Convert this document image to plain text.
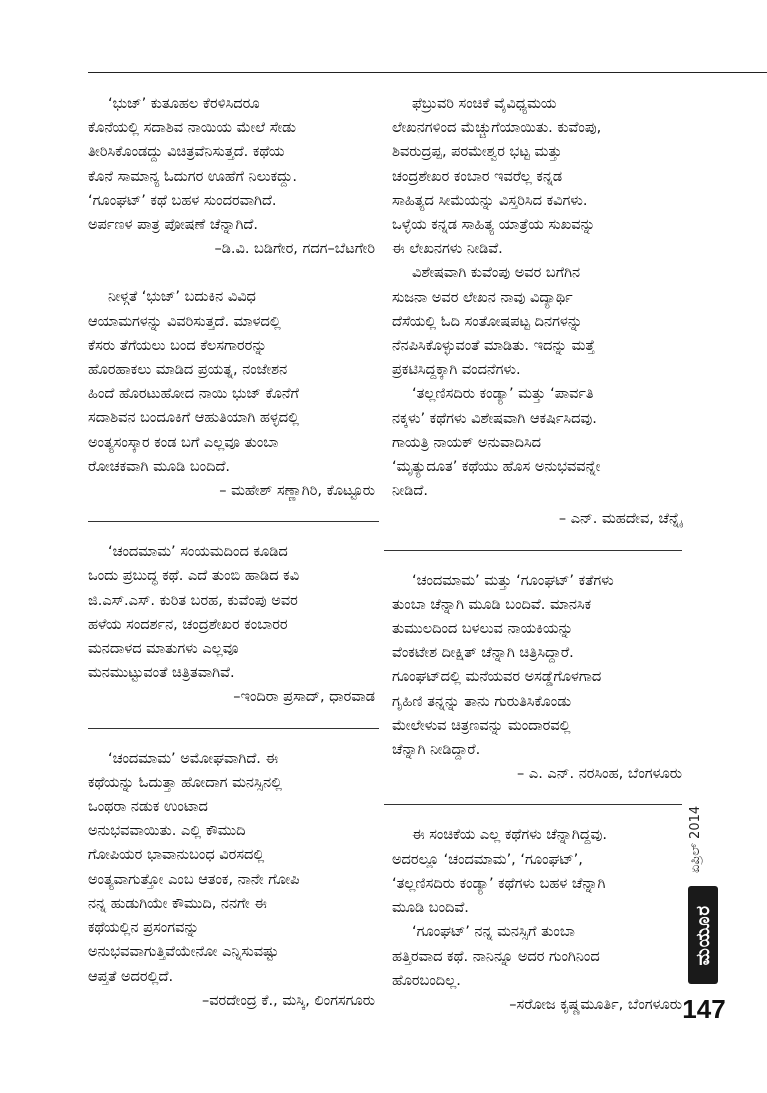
‘ಭುಜ್’ ಕುತೂಹಲ ಕೆರಳಿಸಿದರೂ
ಕೊನೆಯಲ್ಲಿ ಸದಾಶಿವ ನಾಯಿಯ ಮೇಲೆ ಸೇಡು
ತೀರಿಸಿಕೊಂಡದ್ದು ವಿಚಿತ್ರವೆನಿಸುತ್ತದೆ. ಕಥೆಯ
ಕೊನೆ ಸಾಮಾನ್ಯ ಓದುಗರ ಊಹೆಗೆ ನಿಲುಕದ್ದು.
‘ಗೂಂಘಟ್’ ಕಥೆ ಬಹಳ ಸುಂದರವಾಗಿದೆ.
ಅರ್ಪಣಳ ಪಾತ್ರ ಪೋಷಣೆ ಚೆನ್ನಾಗಿದೆ.
–ಡಿ.ವಿ. ಬಡಿಗೇರ, ಗದಗ–ಬೆಟಗೇರಿ
ನೀಳ್ಗತೆ ‘ಭುಜ್’ ಬದುಕಿನ ವಿವಿಧ
ಆಯಾಮಗಳನ್ನು ವಿವರಿಸುತ್ತದೆ. ಮಾಳದಲ್ಲಿ
ಕೆಸರು ತೆಗೆಯಲು ಬಂದ ಕೆಲಸಗಾರರನ್ನು
ಹೊರಹಾಕಲು ಮಾಡಿದ ಪ್ರಯತ್ನ, ನಂಜೇಶನ
ಹಿಂದೆ ಹೊರಟುಹೋದ ನಾಯಿ ಭುಜ್ ಕೊನೆಗೆ
ಸದಾಶಿವನ ಬಂದೂಕಿಗೆ ಆಹುತಿಯಾಗಿ ಹಳ್ಳದಲ್ಲಿ
ಅಂತ್ಯಸಂಸ್ಕಾರ ಕಂಡ ಬಗೆ ಎಲ್ಲವೂ ತುಂಬಾ
ರೋಚಕವಾಗಿ ಮೂಡಿ ಬಂದಿದೆ.
– ಮಹೇಶ್ ಸಣ್ಣಾಗಿರಿ, ಕೊಟ್ಟೂರು
‘ಚಂದಮಾಮ’ ಸಂಯಮದಿಂದ ಕೂಡಿದ
ಒಂದು ಪ್ರಬುದ್ಧ ಕಥೆ. ಎದೆ ತುಂಬಿ ಹಾಡಿದ ಕವಿ
ಜಿ.ಎಸ್.ಎಸ್. ಕುರಿತ ಬರಹ, ಕುವೆಂಪು ಅವರ
ಹಳೆಯ ಸಂದರ್ಶನ, ಚಂದ್ರಶೇಖರ ಕಂಬಾರರ
ಮನದಾಳದ ಮಾತುಗಳು ಎಲ್ಲವೂ
ಮನಮುಟ್ಟುವಂತೆ ಚಿತ್ರಿತವಾಗಿವೆ.
–ಇಂದಿರಾ ಪ್ರಸಾದ್, ಧಾರವಾಡ
‘ಚಂದಮಾಮ’ ಅಮೋಘವಾಗಿದೆ. ಈ
ಕಥೆಯನ್ನು ಓದುತ್ತಾ ಹೋದಾಗ ಮನಸ್ಸಿನಲ್ಲಿ
ಒಂಥರಾ ನಡುಕ ಉಂಟಾದ
ಅನುಭವವಾಯಿತು. ಎಲ್ಲಿ ಕೌಮುದಿ
ಗೋಪಿಯರ ಭಾವಾನುಬಂಧ ವಿರಸದಲ್ಲಿ
ಅಂತ್ಯವಾಗುತ್ತೋ ಎಂಬ ಆತಂಕ, ನಾನೇ ಗೋಪಿ
ನನ್ನ ಹುಡುಗಿಯೇ ಕೌಮುದಿ, ನನಗೇ ಈ
ಕಥೆಯಲ್ಲಿನ ಪ್ರಸಂಗವನ್ನು
ಅನುಭವವಾಗುತ್ತಿವೆಯೇನೋ ಎನ್ನಿಸುವಷ್ಟು
ಆಪ್ತತೆ ಅದರಲ್ಲಿದೆ.
–ವರದೇಂದ್ರ ಕೆ., ಮಸ್ಕಿ, ಲಿಂಗಸಗೂರು
ಫೆಬ್ರುವರಿ ಸಂಚಿಕೆ ವೈವಿಧ್ಯಮಯ
ಲೇಖನಗಳಿಂದ ಮೆಚ್ಚುಗೆಯಾಯಿತು. ಕುವೆಂಪು,
ಶಿವರುದ್ರಪ್ಪ, ಪರಮೇಶ್ವರ ಭಟ್ಟ ಮತ್ತು
ಚಂದ್ರಶೇಖರ ಕಂಬಾರ ಇವರೆಲ್ಲ ಕನ್ನಡ
ಸಾಹಿತ್ಯದ ಸೀಮೆಯನ್ನು ವಿಸ್ತರಿಸಿದ ಕವಿಗಳು.
ಒಳ್ಳೆಯ ಕನ್ನಡ ಸಾಹಿತ್ಯ ಯಾತ್ರೆಯ ಸುಖವನ್ನು
ಈ ಲೇಖನಗಳು ನೀಡಿವೆ.
ವಿಶೇಷವಾಗಿ ಕುವೆಂಪು ಅವರ ಬಗೆಗಿನ
ಸುಜನಾ ಅವರ ಲೇಖನ ನಾವು ವಿದ್ಯಾರ್ಥಿ
ದೆಸೆಯಲ್ಲಿ ಓದಿ ಸಂತೋಷಪಟ್ಟ ದಿನಗಳನ್ನು
ನೆನಪಿಸಿಕೊಳ್ಳುವಂತೆ ಮಾಡಿತು. ಇದನ್ನು ಮತ್ತೆ
ಪ್ರಕಟಿಸಿದ್ದಕ್ಕಾಗಿ ವಂದನೆಗಳು.
‘ತಲ್ಲಣಿಸದಿರು ಕಂಡ್ಯಾ’ ಮತ್ತು ‘ಪಾರ್ವತಿ
ನಕ್ಕಳು’ ಕಥೆಗಳು ವಿಶೇಷವಾಗಿ ಆಕರ್ಷಿಸಿದವು.
ಗಾಯತ್ರಿ ನಾಯಕ್ ಅನುವಾದಿಸಿದ
‘ಮೃತ್ಯುದೂತ’ ಕಥೆಯು ಹೊಸ ಅನುಭವವನ್ನೇ
ನೀಡಿದೆ.
– ಎನ್. ಮಹದೇವ, ಚೆನ್ನೈ
‘ಚಂದಮಾಮ’ ಮತ್ತು ‘ಗೂಂಘಟ್’ ಕತೆಗಳು
ತುಂಬಾ ಚೆನ್ನಾಗಿ ಮೂಡಿ ಬಂದಿವೆ. ಮಾನಸಿಕ
ತುಮುಲದಿಂದ ಬಳಲುವ ನಾಯಕಿಯನ್ನು
ವೆಂಕಟೇಶ ದೀಕ್ಷಿತ್ ಚೆನ್ನಾಗಿ ಚಿತ್ರಿಸಿದ್ದಾರೆ.
ಗೂಂಘಟ್‌ದಲ್ಲಿ ಮನೆಯವರ ಅಸಡ್ಡೆಗೊಳಗಾದ
ಗೃಹಿಣಿ ತನ್ನನ್ನು ತಾನು ಗುರುತಿಸಿಕೊಂಡು
ಮೇಲೇಳುವ ಚಿತ್ರಣವನ್ನು ಮಂದಾರವಲ್ಲಿ
ಚೆನ್ನಾಗಿ ನೀಡಿದ್ದಾರೆ.
– ಎ. ಎನ್. ನರಸಿಂಹ, ಬೆಂಗಳೂರು
ಈ ಸಂಚಿಕೆಯ ಎಲ್ಲ ಕಥೆಗಳು ಚೆನ್ನಾಗಿದ್ದವು.
ಅದರಲ್ಲೂ ‘ಚಂದಮಾಮ’, ‘ಗೂಂಘಟ್’,
‘ತಲ್ಲಣಿಸದಿರು ಕಂಡ್ಯಾ’ ಕಥೆಗಳು ಬಹಳ ಚೆನ್ನಾಗಿ
ಮೂಡಿ ಬಂದಿವೆ.
‘ಗೂಂಘಟ್’ ನನ್ನ ಮನಸ್ಸಿಗೆ ತುಂಬಾ
ಹತ್ತಿರವಾದ ಕಥೆ. ನಾನಿನ್ನೂ ಅದರ ಗುಂಗಿನಿಂದ
ಹೊರಬಂದಿಲ್ಲ.
–ಸರೋಜ ಕೃಷ್ಣಮೂರ್ತಿ, ಬೆಂಗಳೂರು
ಏಪ್ರಿಲ್ 2014
ಮಯೂರ
147
